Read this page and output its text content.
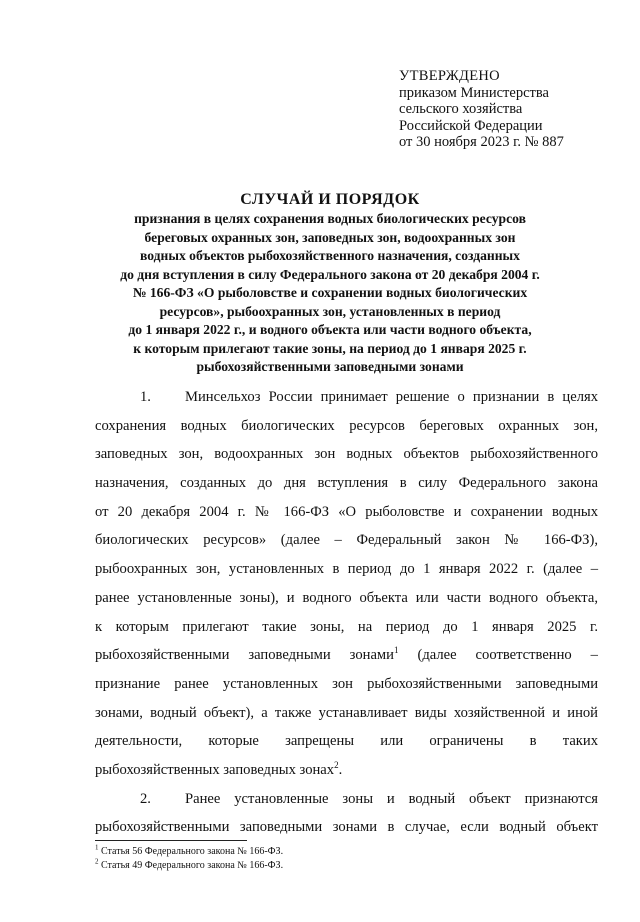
УТВЕРЖДЕНО
приказом Министерства
сельского хозяйства
Российской Федерации
от 30 ноября 2023 г. № 887
СЛУЧАЙ И ПОРЯДОК
признания в целях сохранения водных биологических ресурсов
береговых охранных зон, заповедных зон, водоохранных зон
водных объектов рыбохозяйственного назначения, созданных
до дня вступления в силу Федерального закона от 20 декабря 2004 г.
№ 166-ФЗ «О рыболовстве и сохранении водных биологических
ресурсов», рыбоохранных зон, установленных в период
до 1 января 2022 г., и водного объекта или части водного объекта,
к которым прилегают такие зоны, на период до 1 января 2025 г.
рыбохозяйственными заповедными зонами
1. Минсельхоз России принимает решение о признании в целях
сохранения водных биологических ресурсов береговых охранных зон,
заповедных зон, водоохранных зон водных объектов рыбохозяйственного
назначения, созданных до дня вступления в силу Федерального закона
от 20 декабря 2004 г. № 166-ФЗ «О рыболовстве и сохранении водных
биологических ресурсов» (далее – Федеральный закон № 166-ФЗ),
рыбоохранных зон, установленных в период до 1 января 2022 г. (далее –
ранее установленные зоны), и водного объекта или части водного объекта,
к которым прилегают такие зоны, на период до 1 января 2025 г.
рыбохозяйственными заповедными зонами$^1$ (далее соответственно –
признание ранее установленных зон рыбохозяйственными заповедными
зонами, водный объект), а также устанавливает виды хозяйственной и иной
деятельности, которые запрещены или ограничены в таких
рыбохозяйственных заповедных зонах$^2$.
2. Ранее установленные зоны и водный объект признаются
рыбохозяйственными заповедными зонами в случае, если водный объект
$^1$ Статья 56 Федерального закона № 166-ФЗ.
$^2$ Статья 49 Федерального закона № 166-ФЗ.
